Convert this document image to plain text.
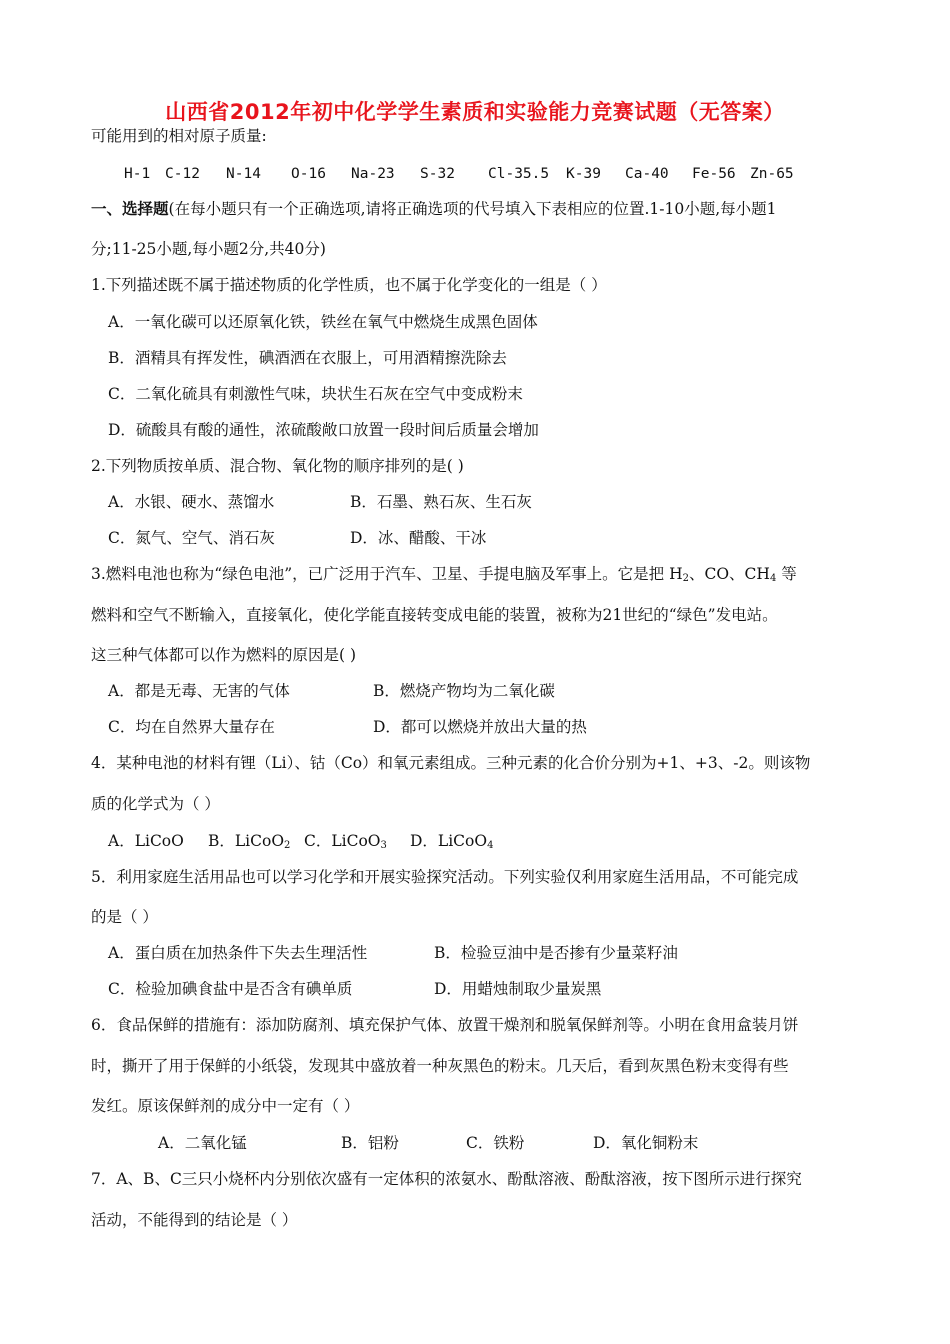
山西省2012年初中化学学生素质和实验能力竞赛试题（无答案）
可能用到的相对原子质量:
H-1 C-12 N-14 O-16 Na-23 S-32 Cl-35.5 K-39 Ca-40 Fe-56 Zn-65
一、选择题(在每小题只有一个正确选项,请将正确选项的代号填入下表相应的位置.1-10小题,每小题1
分;11-25小题,每小题2分,共40分)
1.下列描述既不属于描述物质的化学性质，也不属于化学变化的一组是（ ）
A．一氧化碳可以还原氧化铁，铁丝在氧气中燃烧生成黑色固体
B．酒精具有挥发性，碘酒洒在衣服上，可用酒精擦洗除去
C．二氧化硫具有刺激性气味，块状生石灰在空气中变成粉末
D．硫酸具有酸的通性，浓硫酸敞口放置一段时间后质量会增加
2.下列物质按单质、混合物、氧化物的顺序排列的是( )
A．水银、硬水、蒸馏水	B．石墨、熟石灰、生石灰
C．氮气、空气、消石灰	D．冰、醋酸、干冰
3.燃料电池也称为“绿色电池”，已广泛用于汽车、卫星、手提电脑及军事上。它是把 $H_2$、CO、$CH_4$ 等
燃料和空气不断输入，直接氧化，使化学能直接转变成电能的装置，被称为21世纪的“绿色”发电站。
这三种气体都可以作为燃料的原因是( )
A．都是无毒、无害的气体	B．燃烧产物均为二氧化碳
C．均在自然界大量存在	D．都可以燃烧并放出大量的热
4．某种电池的材料有锂（Li）、钴（Co）和氧元素组成。三种元素的化合价分别为+1、+3、-2。则该物
质的化学式为（ ）
A．LiCoO B．LiCoO$_2$ C．LiCoO$_3$ D．LiCoO$_4$
5．利用家庭生活用品也可以学习化学和开展实验探究活动。下列实验仅利用家庭生活用品，不可能完成
的是（ ）
A．蛋白质在加热条件下失去生理活性	B．检验豆油中是否掺有少量菜籽油
C．检验加碘食盐中是否含有碘单质	D．用蜡烛制取少量炭黑
6．食品保鲜的措施有：添加防腐剂、填充保护气体、放置干燥剂和脱氧保鲜剂等。小明在食用盒装月饼
时，撕开了用于保鲜的小纸袋，发现其中盛放着一种灰黑色的粉末。几天后，看到灰黑色粉末变得有些
发红。原该保鲜剂的成分中一定有（ ）
A．二氧化锰	B．铝粉	C．铁粉	D．氧化铜粉末
7．A、B、C三只小烧杯内分别依次盛有一定体积的浓氨水、酚酞溶液、酚酞溶液，按下图所示进行探究
活动，不能得到的结论是（ ）
